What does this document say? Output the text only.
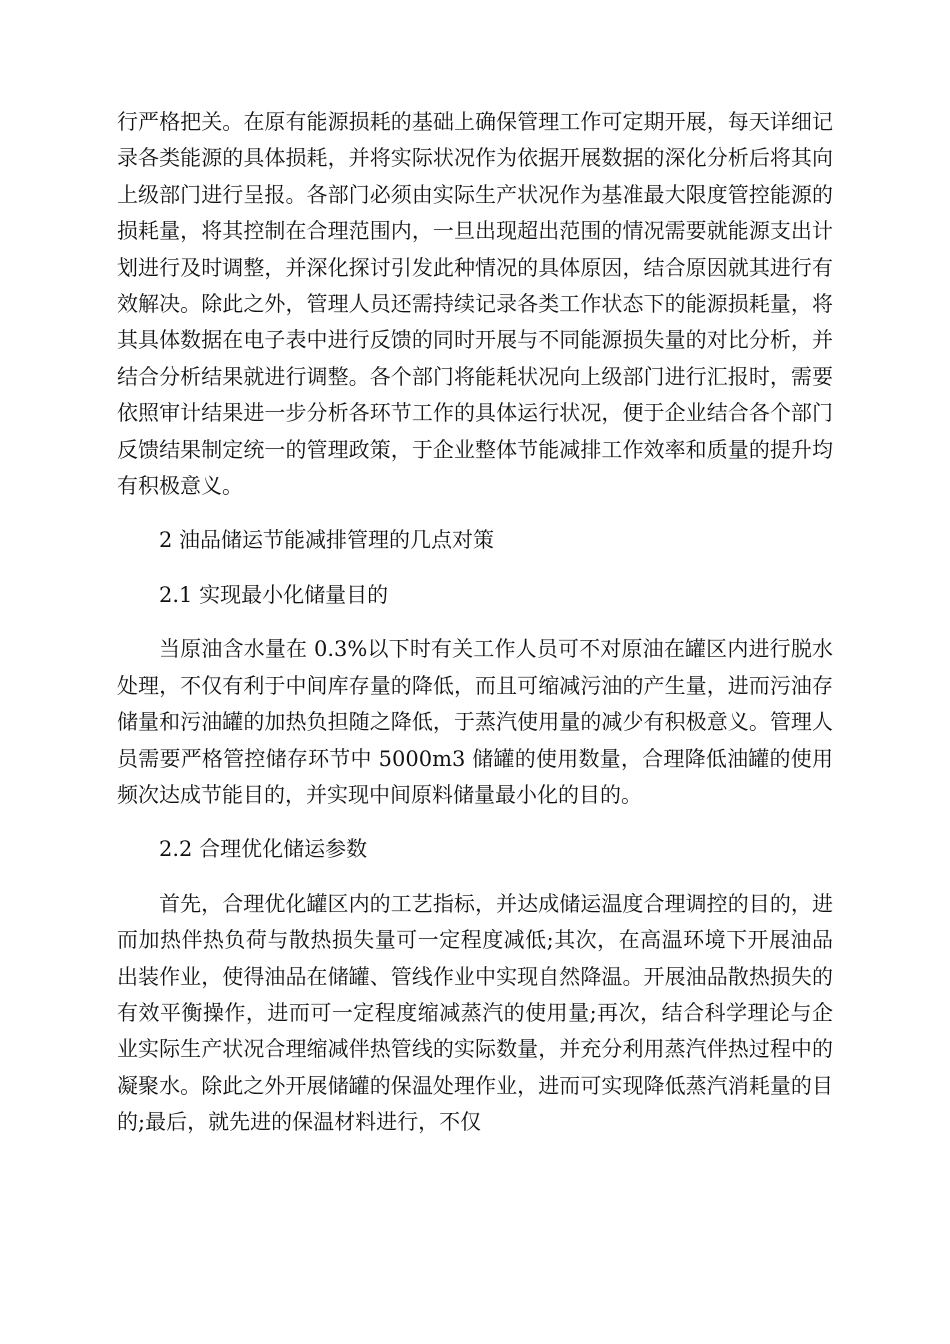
行严格把关。在原有能源损耗的基础上确保管理工作可定期开展，每天详细记录各类能源的具体损耗，并将实际状况作为依据开展数据的深化分析后将其向上级部门进行呈报。各部门必须由实际生产状况作为基准最大限度管控能源的损耗量，将其控制在合理范围内，一旦出现超出范围的情况需要就能源支出计划进行及时调整，并深化探讨引发此种情况的具体原因，结合原因就其进行有效解决。除此之外，管理人员还需持续记录各类工作状态下的能源损耗量，将其具体数据在电子表中进行反馈的同时开展与不同能源损失量的对比分析，并结合分析结果就进行调整。各个部门将能耗状况向上级部门进行汇报时，需要依照审计结果进一步分析各环节工作的具体运行状况，便于企业结合各个部门反馈结果制定统一的管理政策，于企业整体节能减排工作效率和质量的提升均有积极意义。

2 油品储运节能减排管理的几点对策

2.1 实现最小化储量目的

当原油含水量在 0.3%以下时有关工作人员可不对原油在罐区内进行脱水处理，不仅有利于中间库存量的降低，而且可缩减污油的产生量，进而污油存储量和污油罐的加热负担随之降低，于蒸汽使用量的减少有积极意义。管理人员需要严格管控储存环节中 5000m3 储罐的使用数量，合理降低油罐的使用频次达成节能目的，并实现中间原料储量最小化的目的。

2.2 合理优化储运参数

首先，合理优化罐区内的工艺指标，并达成储运温度合理调控的目的，进而加热伴热负荷与散热损失量可一定程度减低;其次，在高温环境下开展油品出装作业，使得油品在储罐、管线作业中实现自然降温。开展油品散热损失的有效平衡操作，进而可一定程度缩减蒸汽的使用量;再次，结合科学理论与企业实际生产状况合理缩减伴热管线的实际数量，并充分利用蒸汽伴热过程中的凝聚水。除此之外开展储罐的保温处理作业，进而可实现降低蒸汽消耗量的目的;最后，就先进的保温材料进行，不仅
